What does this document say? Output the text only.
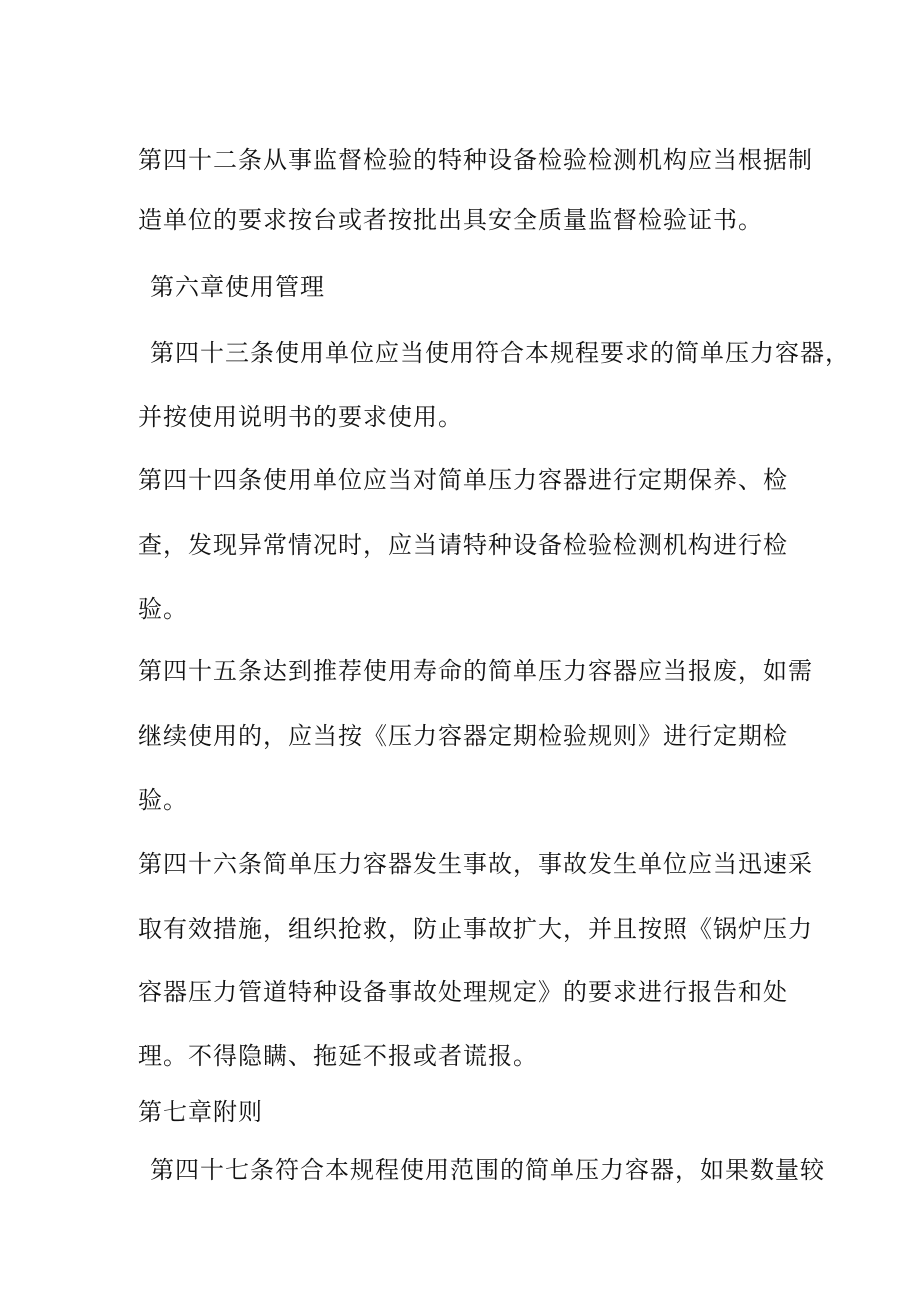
第四十二条从事监督检验的特种设备检验检测机构应当根据制
造单位的要求按台或者按批出具安全质量监督检验证书。
第六章使用管理
第四十三条使用单位应当使用符合本规程要求的简单压力容器，
并按使用说明书的要求使用。
第四十四条使用单位应当对简单压力容器进行定期保养、检
查，发现异常情况时，应当请特种设备检验检测机构进行检
验。
第四十五条达到推荐使用寿命的简单压力容器应当报废，如需
继续使用的，应当按《压力容器定期检验规则》进行定期检
验。
第四十六条简单压力容器发生事故，事故发生单位应当迅速采
取有效措施，组织抢救，防止事故扩大，并且按照《锅炉压力
容器压力管道特种设备事故处理规定》的要求进行报告和处
理。不得隐瞒、拖延不报或者谎报。
第七章附则
第四十七条符合本规程使用范围的简单压力容器，如果数量较
